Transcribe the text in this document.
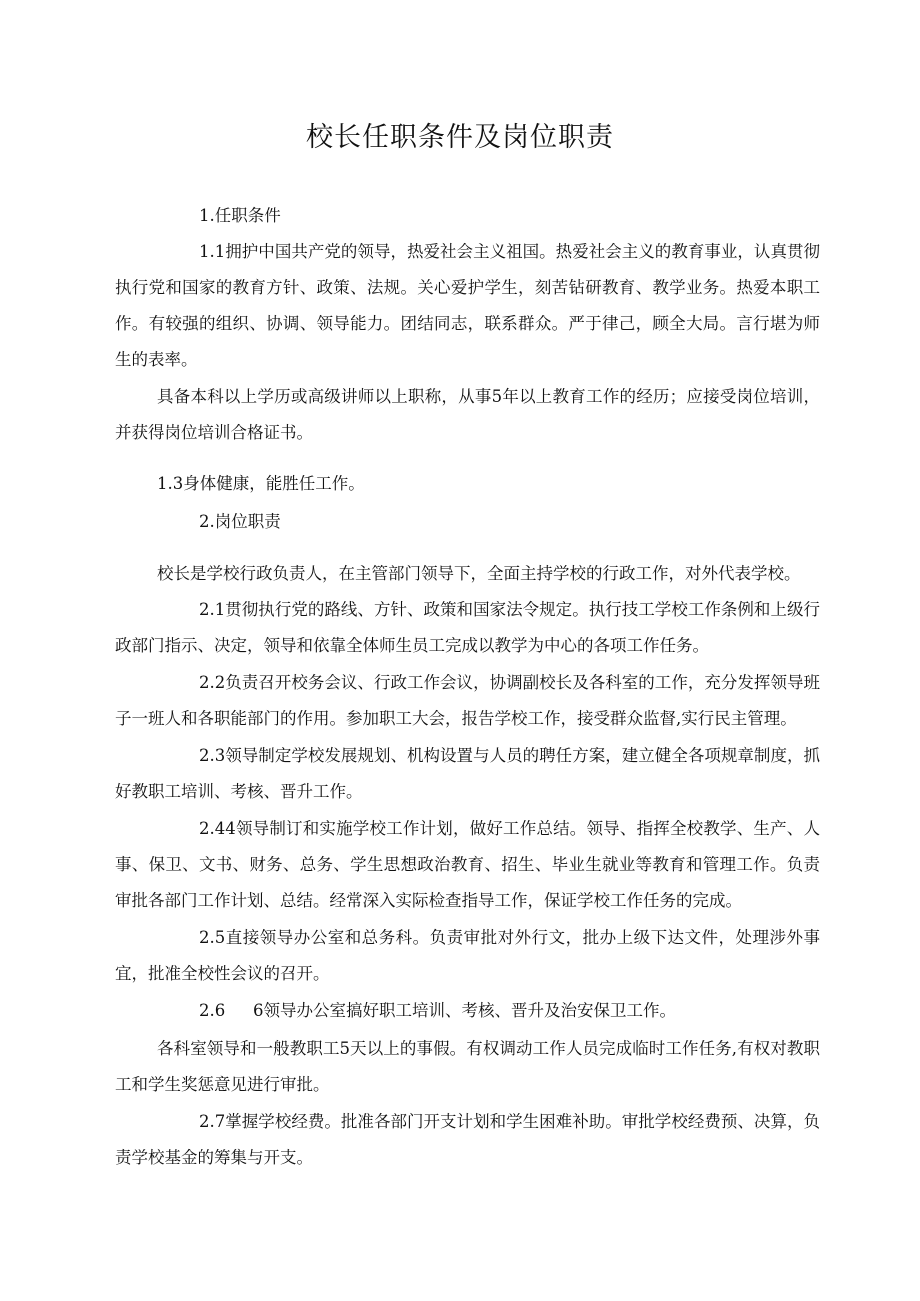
校长任职条件及岗位职责

1.任职条件

1.1拥护中国共产党的领导，热爱社会主义祖国。热爱社会主义的教育事业，认真贯彻执行党和国家的教育方针、政策、法规。关心爱护学生，刻苦钻研教育、教学业务。热爱本职工作。有较强的组织、协调、领导能力。团结同志，联系群众。严于律己，顾全大局。言行堪为师生的表率。

具备本科以上学历或高级讲师以上职称，从事5年以上教育工作的经历；应接受岗位培训，并获得岗位培训合格证书。

1.3身体健康，能胜任工作。

2.岗位职责

校长是学校行政负责人，在主管部门领导下，全面主持学校的行政工作，对外代表学校。

2.1贯彻执行党的路线、方针、政策和国家法令规定。执行技工学校工作条例和上级行政部门指示、决定，领导和依靠全体师生员工完成以教学为中心的各项工作任务。

2.2负责召开校务会议、行政工作会议，协调副校长及各科室的工作，充分发挥领导班子一班人和各职能部门的作用。参加职工大会，报告学校工作，接受群众监督,实行民主管理。

2.3领导制定学校发展规划、机构设置与人员的聘任方案，建立健全各项规章制度，抓好教职工培训、考核、晋升工作。

2.44领导制订和实施学校工作计划，做好工作总结。领导、指挥全校教学、生产、人事、保卫、文书、财务、总务、学生思想政治教育、招生、毕业生就业等教育和管理工作。负责审批各部门工作计划、总结。经常深入实际检查指导工作，保证学校工作任务的完成。

2.5直接领导办公室和总务科。负责审批对外行文，批办上级下达文件，处理涉外事宜，批准全校性会议的召开。

2.6 6领导办公室搞好职工培训、考核、晋升及治安保卫工作。

各科室领导和一般教职工5天以上的事假。有权调动工作人员完成临时工作任务,有权对教职工和学生奖惩意见进行审批。

2.7掌握学校经费。批准各部门开支计划和学生困难补助。审批学校经费预、决算，负责学校基金的筹集与开支。
